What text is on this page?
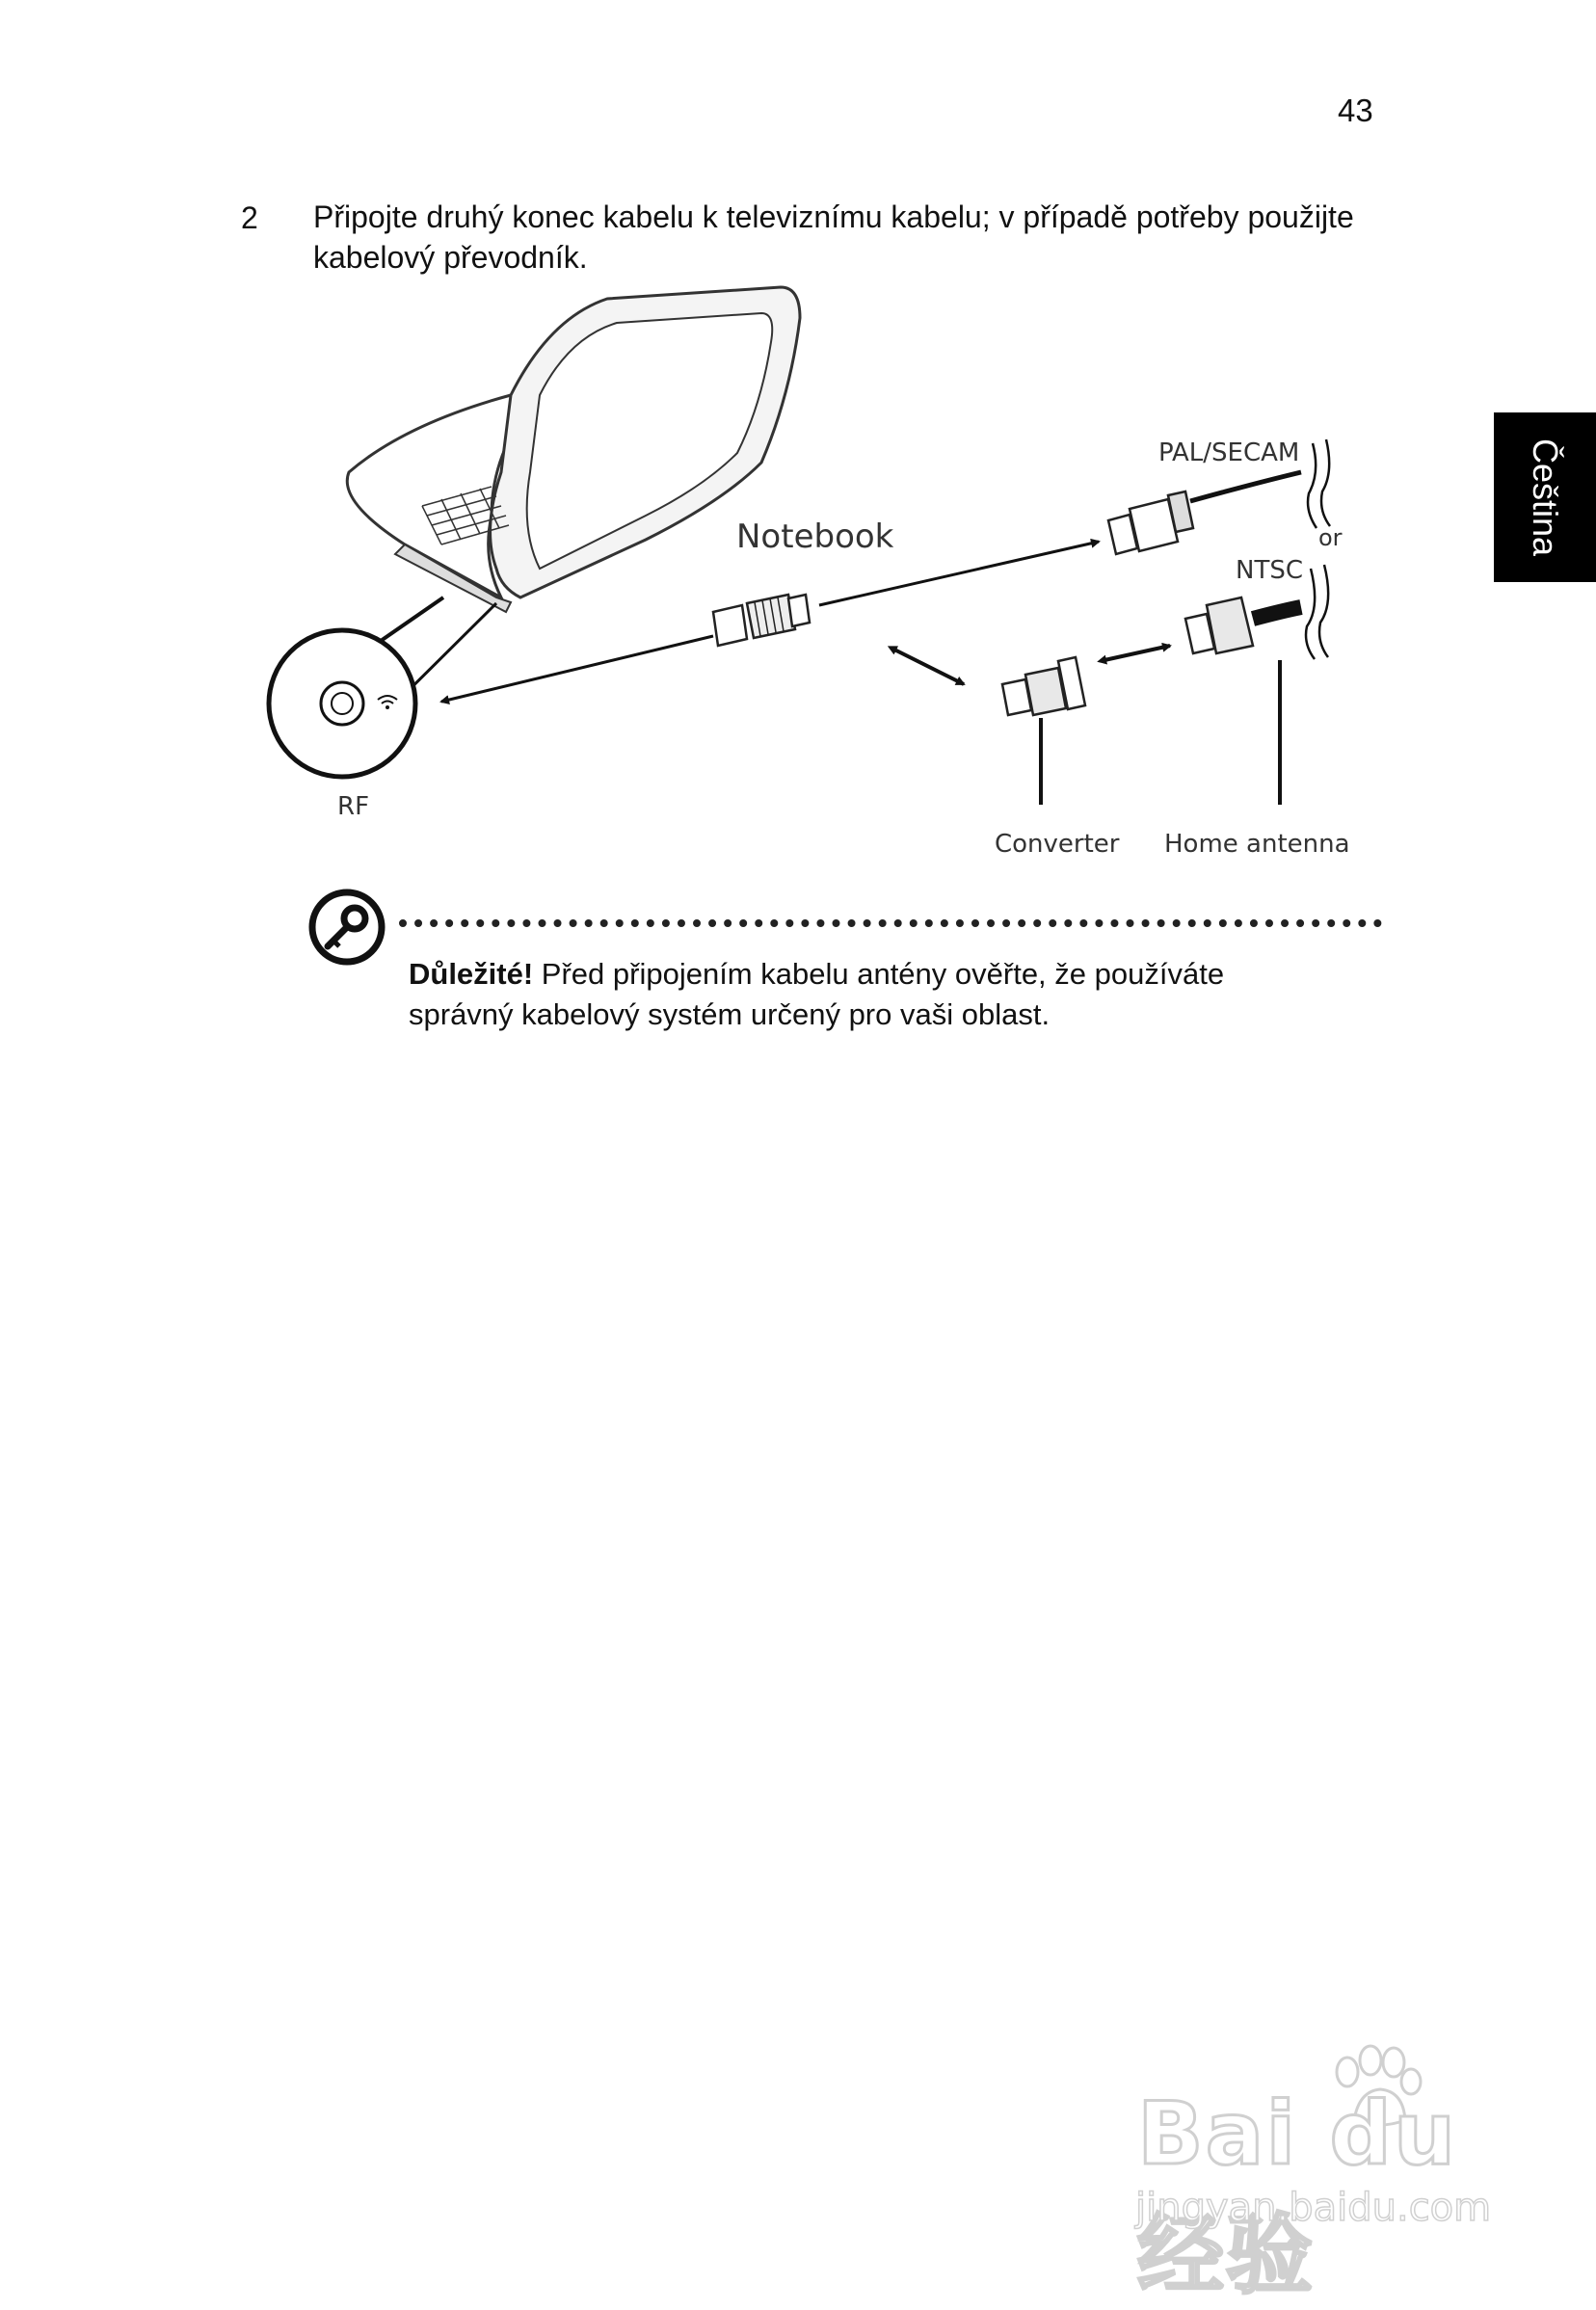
43
Čeština
2 Připojte druhý konec kabelu k televiznímu kabelu; v případě potřeby použijte kabelový převodník.
Notebook
RF
PAL/SECAM
or
NTSC
Converter Home antenna
Důležité! Před připojením kabelu antény ověřte, že používáte správný kabelový systém určený pro vaši oblast.
Bai du 经验
jingyan.baidu.com
